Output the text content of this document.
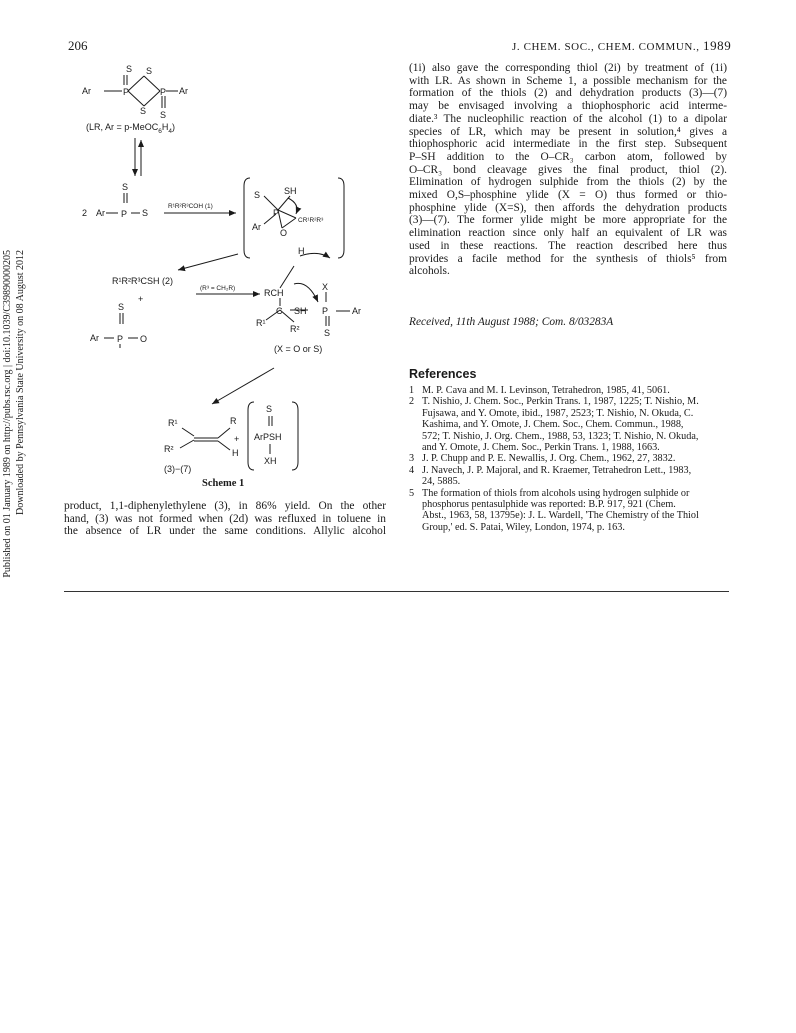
206	J. CHEM. SOC., CHEM. COMMUN., 1989
Published on 01 January 1989 on http://pubs.rsc.org | doi:10.1039/C39890000205 Downloaded by Pennsylvania State University on 08 August 2012
S S
Ar	P	P Ar
S S
(LR, $Ar = p-MeOC_6H_4$)
S
2 Ar P S
R¹R²R³COH (1)
S	SH
P
CR¹R²R³
Ar
O
R¹R²R³CSH (2)
+
(R³ = CH₂R)
S
Ar P O
H
RCH
X
C SH P	Ar
R¹
R²	S
(X = O or S)
R¹	R
R²	H
+
S
ArPSH
XH
(3)−(7)
Scheme 1
(1i) also gave the corresponding thiol (2i) by treatment of (1i)
with LR. As shown in Scheme 1, a possible mechanism for the
formation of the thiols (2) and dehydration products (3)—(7)
may be envisaged involving a thiophosphoric acid interme-
diate.³ The nucleophilic reaction of the alcohol (1) to a dipolar
species of LR, which may be present in solution,⁴ gives a
thiophosphoric acid intermediate in the first step. Subsequent
P–SH addition to the O–CR₃ carbon atom, followed by
O–CR₃ bond cleavage gives the final product, thiol (2).
Elimination of hydrogen sulphide from the thiols (2) by the
mixed O,S–phosphine ylide (X = O) thus formed or thio-
phosphine ylide (X=S), then affords the dehydration products
(3)—(7). The former ylide might be more appropriate for the
elimination reaction since only half an equivalent of LR was
used in these reactions. The reaction described here thus
provides a facile method for the synthesis of thiols⁵ from
alcohols.
Received, 11th August 1988; Com. 8/03283A
References
1 M. P. Cava and M. I. Levinson, Tetrahedron, 1985, 41, 5061.
2 T. Nishio, J. Chem. Soc., Perkin Trans. 1, 1987, 1225; T. Nishio, M.
Fujsawa, and Y. Omote, ibid., 1987, 2523; T. Nishio, N. Okuda, C.
Kashima, and Y. Omote, J. Chem. Soc., Chem. Commun., 1988,
572; T. Nishio, J. Org. Chem., 1988, 53, 1323; T. Nishio, N. Okuda,
and Y. Omote, J. Chem. Soc., Perkin Trans. 1, 1988, 1663.
3 J. P. Chupp and P. E. Newallis, J. Org. Chem., 1962, 27, 3832.
4 J. Navech, J. P. Majoral, and R. Kraemer, Tetrahedron Lett., 1983,
24, 5885.
5 The formation of thiols from alcohols using hydrogen sulphide or
phosphorus pentasulphide was reported: B.P. 917, 921 (Chem.
Abst., 1963, 58, 13795e): J. L. Wardell, 'The Chemistry of the Thiol
Group,' ed. S. Patai, Wiley, London, 1974, p. 163.
product, 1,1-diphenylethylene (3), in 86% yield. On the other
hand, (3) was not formed when (2d) was refluxed in toluene in
the absence of LR under the same conditions. Allylic alcohol
